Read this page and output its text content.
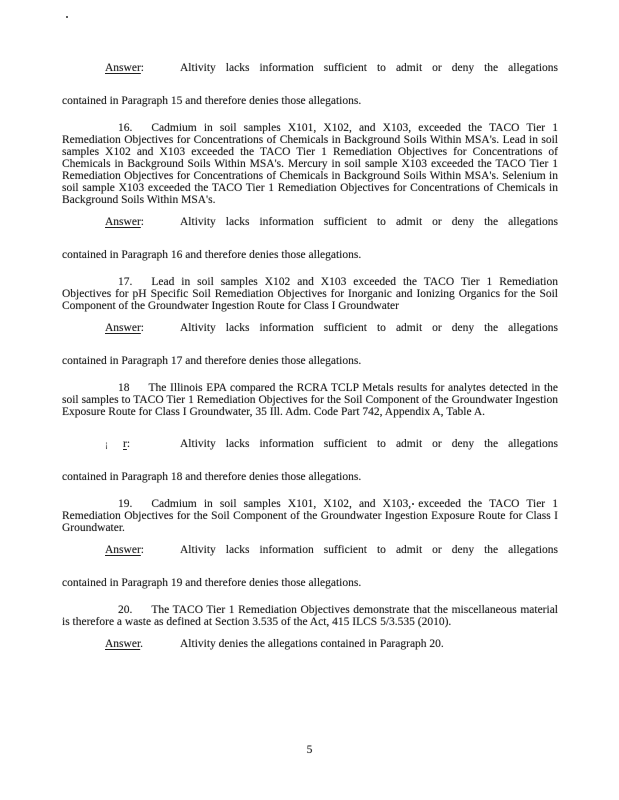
Answer:	Altivity lacks information sufficient to admit or deny the allegations
contained in Paragraph 15 and therefore denies those allegations.
16. Cadmium in soil samples X101, X102, and X103, exceeded the TACO Tier 1 Remediation Objectives for Concentrations of Chemicals in Background Soils Within MSA's. Lead in soil samples X102 and X103 exceeded the TACO Tier 1 Remediation Objectives for Concentrations of Chemicals in Background Soils Within MSA's. Mercury in soil sample X103 exceeded the TACO Tier 1 Remediation Objectives for Concentrations of Chemicals in Background Soils Within MSA's. Selenium in soil sample X103 exceeded the TACO Tier 1 Remediation Objectives for Concentrations of Chemicals in Background Soils Within MSA's.
Answer:	Altivity lacks information sufficient to admit or deny the allegations
contained in Paragraph 16 and therefore denies those allegations.
17. Lead in soil samples X102 and X103 exceeded the TACO Tier 1 Remediation Objectives for pH Specific Soil Remediation Objectives for Inorganic and Ionizing Organics for the Soil Component of the Groundwater Ingestion Route for Class I Groundwater
Answer:	Altivity lacks information sufficient to admit or deny the allegations
contained in Paragraph 17 and therefore denies those allegations.
18 The Illinois EPA compared the RCRA TCLP Metals results for analytes detected in the soil samples to TACO Tier 1 Remediation Objectives for the Soil Component of the Groundwater Ingestion Exposure Route for Class I Groundwater, 35 Ill. Adm. Code Part 742, Appendix A, Table A.
¡ r:	Altivity lacks information sufficient to admit or deny the allegations
contained in Paragraph 18 and therefore denies those allegations.
19. Cadmium in soil samples X101, X102, and X103, exceeded the TACO Tier 1 Remediation Objectives for the Soil Component of the Groundwater Ingestion Exposure Route for Class I Groundwater.
Answer:	Altivity lacks information sufficient to admit or deny the allegations
contained in Paragraph 19 and therefore denies those allegations.
20. The TACO Tier 1 Remediation Objectives demonstrate that the miscellaneous material is therefore a waste as defined at Section 3.535 of the Act, 415 ILCS 5/3.535 (2010).
Answer.	Altivity denies the allegations contained in Paragraph 20.
5
